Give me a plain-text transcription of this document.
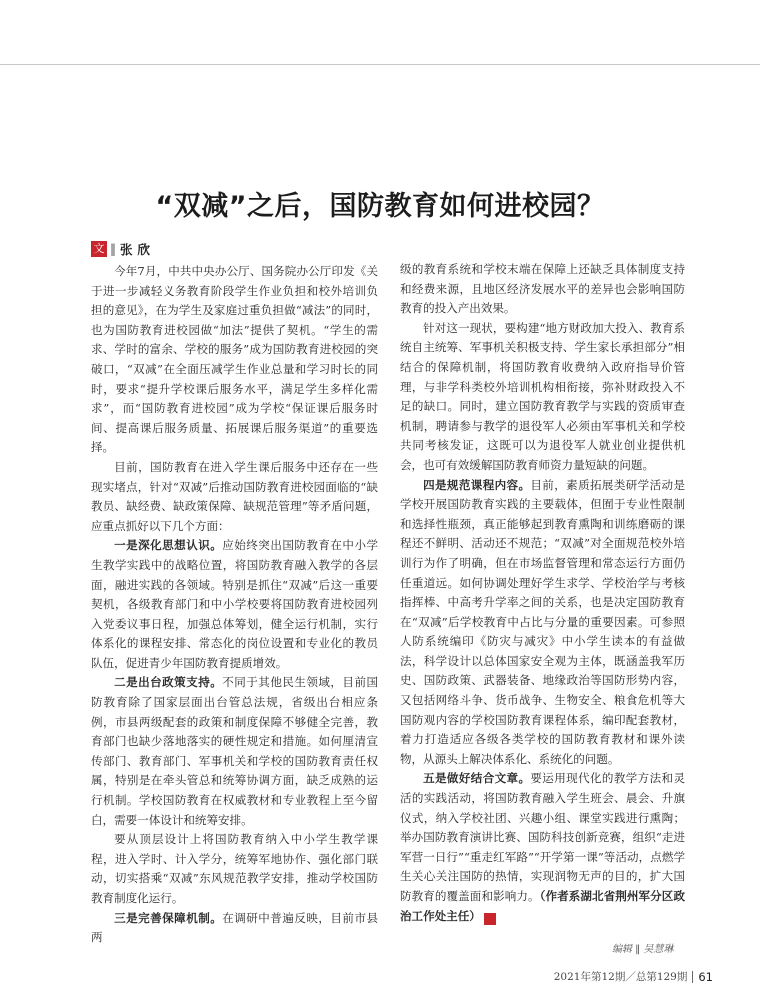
“双减”之后，国防教育如何进校园？
文 ‖ 张欣

今年7月，中共中央办公厅、国务院办公厅印发《关于进一步减轻义务教育阶段学生作业负担和校外培训负担的意见》，在为学生及家庭过重负担做“减法”的同时，也为国防教育进校园做“加法”提供了契机。“学生的需求、学时的富余、学校的服务”成为国防教育进校园的突破口，“双减”在全面压减学生作业总量和学习时长的同时，要求“提升学校课后服务水平，满足学生多样化需求”，而“国防教育进校园”成为学校“保证课后服务时间、提高课后服务质量、拓展课后服务渠道”的重要选择。

目前，国防教育在进入学生课后服务中还存在一些现实堵点，针对“双减”后推动国防教育进校园面临的“缺教员、缺经费、缺政策保障、缺规范管理”等矛盾问题，应重点抓好以下几个方面：

一是深化思想认识。应始终突出国防教育在中小学生教学实践中的战略位置，将国防教育融入教学的各层面，融进实践的各领域。特别是抓住“双减”后这一重要契机，各级教育部门和中小学校要将国防教育进校园列入党委议事日程，加强总体筹划，健全运行机制，实行体系化的课程安排、常态化的岗位设置和专业化的教员队伍，促进青少年国防教育提质增效。

二是出台政策支持。不同于其他民生领域，目前国防教育除了国家层面出台管总法规，省级出台相应条例，市县两级配套的政策和制度保障不够健全完善，教育部门也缺少落地落实的硬性规定和措施。如何厘清宣传部门、教育部门、军事机关和学校的国防教育责任权属，特别是在牵头管总和统筹协调方面，缺乏成熟的运行机制。学校国防教育在权威教材和专业教程上至今留白，需要一体设计和统筹安排。

要从顶层设计上将国防教育纳入中小学生教学课程，进入学时、计入学分，统筹军地协作、强化部门联动，切实搭乘“双减”东风规范教学安排，推动学校国防教育制度化运行。

三是完善保障机制。在调研中普遍反映，目前市县两

级的教育系统和学校末端在保障上还缺乏具体制度支持和经费来源，且地区经济发展水平的差异也会影响国防教育的投入产出效果。

针对这一现状，要构建“地方财政加大投入、教育系统自主统筹、军事机关积极支持、学生家长承担部分”相结合的保障机制，将国防教育收费纳入政府指导价管理，与非学科类校外培训机构相衔接，弥补财政投入不足的缺口。同时，建立国防教育教学与实践的资质审查机制，聘请参与教学的退役军人必须由军事机关和学校共同考核发证，这既可以为退役军人就业创业提供机会，也可有效缓解国防教育师资力量短缺的问题。

四是规范课程内容。目前，素质拓展类研学活动是学校开展国防教育实践的主要载体，但囿于专业性限制和选择性瓶颈，真正能够起到教育熏陶和训练磨砺的课程还不鲜明、活动还不规范；“双减”对全面规范校外培训行为作了明确，但在市场监督管理和常态运行方面仍任重道远。如何协调处理好学生求学、学校治学与考核指挥棒、中高考升学率之间的关系，也是决定国防教育在“双减”后学校教育中占比与分量的重要因素。可参照人防系统编印《防灾与减灾》中小学生读本的有益做法，科学设计以总体国家安全观为主体，既涵盖我军历史、国防政策、武器装备、地缘政治等国防形势内容，又包括网络斗争、货币战争、生物安全、粮食危机等大国防观内容的学校国防教育课程体系，编印配套教材，着力打造适应各级各类学校的国防教育教材和课外读物，从源头上解决体系化、系统化的问题。

五是做好结合文章。要运用现代化的教学方法和灵活的实践活动，将国防教育融入学生班会、晨会、升旗仪式，纳入学校社团、兴趣小组、课堂实践进行熏陶；举办国防教育演讲比赛、国防科技创新竞赛，组织“走进军营一日行”“重走红军路”“开学第一课”等活动，点燃学生关心关注国防的热情，实现润物无声的目的，扩大国防教育的覆盖面和影响力。（作者系湖北省荆州军分区政治工作处主任）	G

编辑 ‖ 吴慧琳
2021年第12期／总第129期 61
